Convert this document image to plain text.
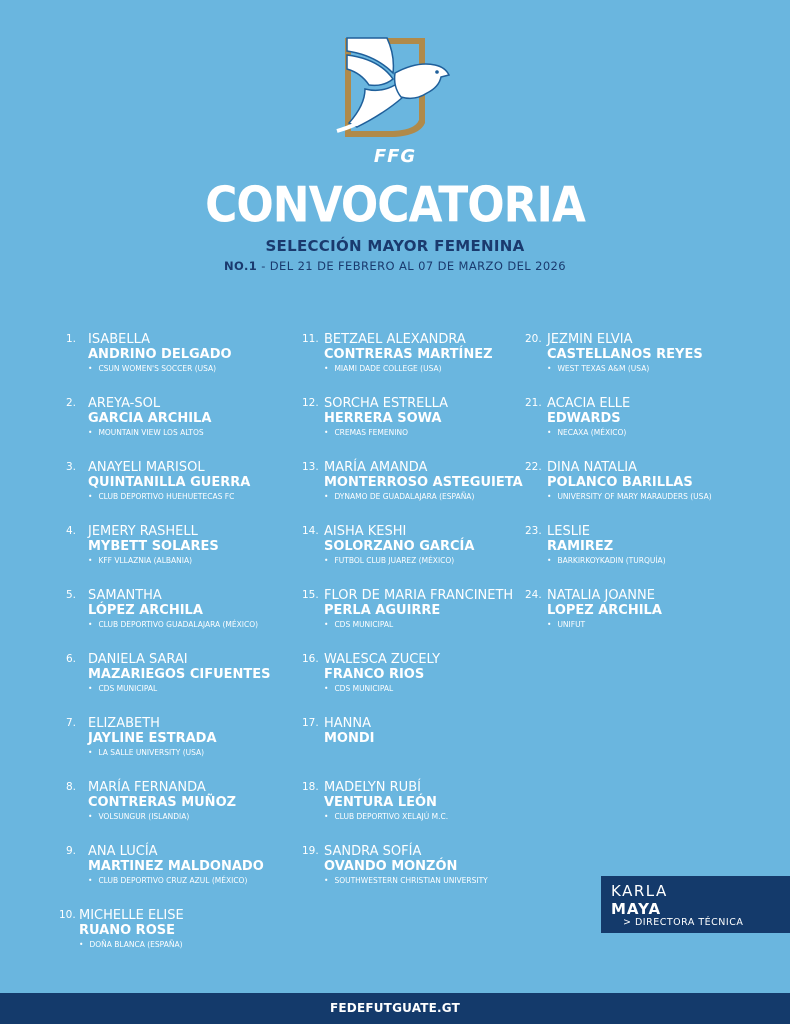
FFG
CONVOCATORIA
SELECCIÓN MAYOR FEMENINA
NO.1 - DEL 21 DE FEBRERO AL 07 DE MARZO DEL 2026
1. ISABELLA
ANDRINO DELGADO
• CSUN WOMEN'S SOCCER (USA)
2. AREYA-SOL
GARCIA ARCHILA
• MOUNTAIN VIEW LOS ALTOS
3. ANAYELI MARISOL
QUINTANILLA GUERRA
• CLUB DEPORTIVO HUEHUETECAS FC
4. JEMERY RASHELL
MYBETT SOLARES
• KFF VLLAZNIA (ALBANIA)
5. SAMANTHA
LÓPEZ ARCHILA
• CLUB DEPORTIVO GUADALAJARA (MÉXICO)
6. DANIELA SARAI
MAZARIEGOS CIFUENTES
• CDS MUNICIPAL
7. ELIZABETH
JAYLINE ESTRADA
• LA SALLE UNIVERSITY (USA)
8. MARÍA FERNANDA
CONTRERAS MUÑOZ
• VOLSUNGUR (ISLANDIA)
9. ANA LUCÍA
MARTINEZ MALDONADO
• CLUB DEPORTIVO CRUZ AZUL (MÉXICO)
10. MICHELLE ELISE
RUANO ROSE
• DOÑA BLANCA (ESPAÑA)
11. BETZAEL ALEXANDRA
CONTRERAS MARTÍNEZ
• MIAMI DADE COLLEGE (USA)
12. SORCHA ESTRELLA
HERRERA SOWA
• CREMAS FEMENINO
13. MARÍA AMANDA
MONTERROSO ASTEGUIETA
• DYNAMO DE GUADALAJARA (ESPAÑA)
14. AISHA KESHI
SOLORZANO GARCÍA
• FUTBOL CLUB JUAREZ (MÉXICO)
15. FLOR DE MARIA FRANCINETH
PERLA AGUIRRE
• CDS MUNICIPAL
16. WALESCA ZUCELY
FRANCO RIOS
• CDS MUNICIPAL
17. HANNA
MONDI
18. MADELYN RUBÍ
VENTURA LEÓN
• CLUB DEPORTIVO XELAJÚ M.C.
19. SANDRA SOFÍA
OVANDO MONZÓN
• SOUTHWESTERN CHRISTIAN UNIVERSITY
20. JEZMIN ELVIA
CASTELLANOS REYES
• WEST TEXAS A&M (USA)
21. ACACIA ELLE
EDWARDS
• NECAXA (MÉXICO)
22. DINA NATALIA
POLANCO BARILLAS
• UNIVERSITY OF MARY MARAUDERS (USA)
23. LESLIE
RAMIREZ
• BARKIRKOYKADIN (TURQUÍA)
24. NATALIA JOANNE
LOPEZ ARCHILA
• UNIFUT
KARLA
MAYA
> DIRECTORA TÉCNICA
FEDEFUTGUATE.GT
